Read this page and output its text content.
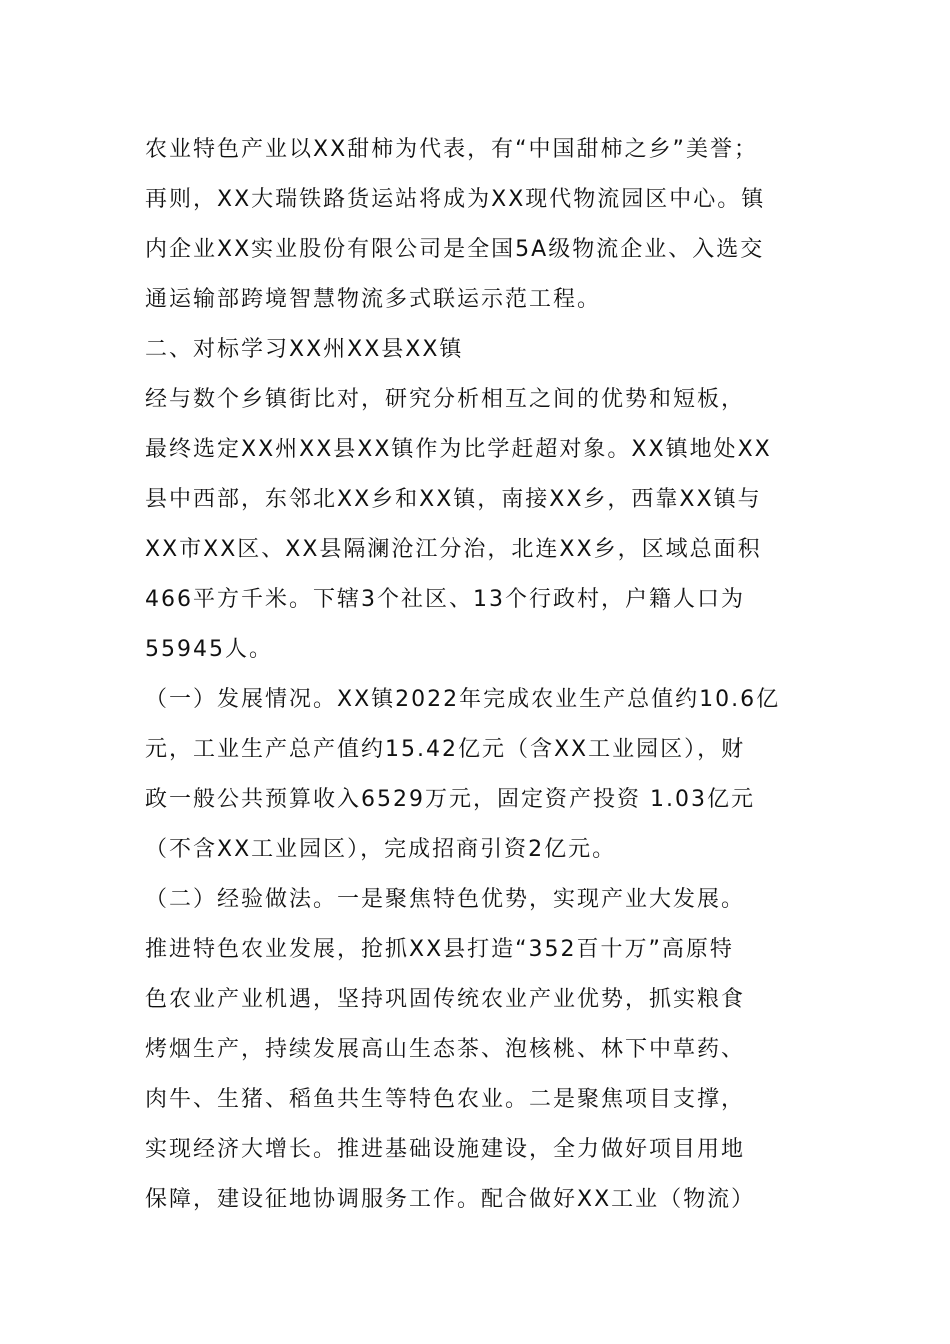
农业特色产业以XX甜柿为代表，有“中国甜柿之乡”美誉；
再则，XX大瑞铁路货运站将成为XX现代物流园区中心。镇
内企业XX实业股份有限公司是全国5A级物流企业、入选交
通运输部跨境智慧物流多式联运示范工程。
二、对标学习XX州XX县XX镇
经与数个乡镇街比对，研究分析相互之间的优势和短板，
最终选定XX州XX县XX镇作为比学赶超对象。XX镇地处XX
县中西部，东邻北XX乡和XX镇，南接XX乡，西靠XX镇与
XX市XX区、XX县隔澜沧江分治，北连XX乡，区域总面积
466平方千米。下辖3个社区、13个行政村，户籍人口为
55945人。
（一）发展情况。XX镇2022年完成农业生产总值约10.6亿
元，工业生产总产值约15.42亿元（含XX工业园区），财
政一般公共预算收入6529万元，固定资产投资 1.03亿元
（不含XX工业园区），完成招商引资2亿元。
（二）经验做法。一是聚焦特色优势，实现产业大发展。
推进特色农业发展，抢抓XX县打造“352百十万”高原特
色农业产业机遇，坚持巩固传统农业产业优势，抓实粮食
烤烟生产，持续发展高山生态茶、泡核桃、林下中草药、
肉牛、生猪、稻鱼共生等特色农业。二是聚焦项目支撑，
实现经济大增长。推进基础设施建设，全力做好项目用地
保障，建设征地协调服务工作。配合做好XX工业（物流）
